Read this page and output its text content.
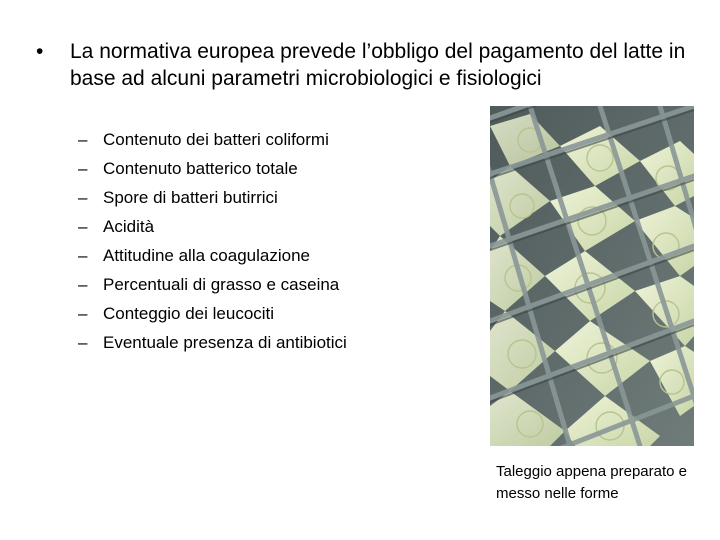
• La normativa europea prevede l’obbligo del pagamento del latte in base ad alcuni parametri microbiologici e fisiologici
– Contenuto dei batteri coliformi
– Contenuto batterico totale
– Spore di batteri butirrici
– Acidità
– Attitudine alla coagulazione
– Percentuali di grasso e caseina
– Conteggio dei leucociti
– Eventuale presenza di antibiotici
Taleggio appena preparato e messo nelle forme
